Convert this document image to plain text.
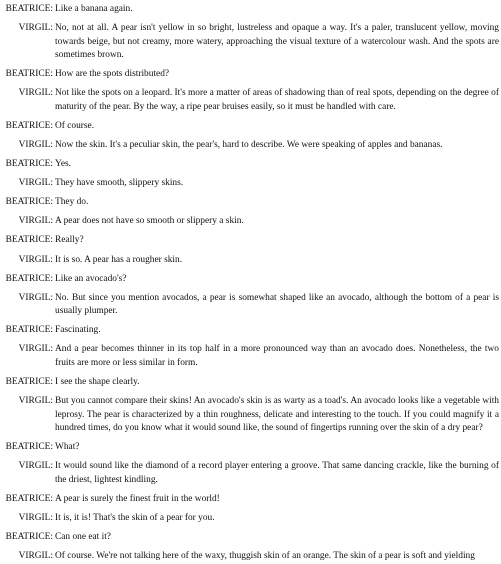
BEATRICE: Like a banana again.
VIRGIL: No, not at all. A pear isn't yellow in so bright, lustreless and opaque a way. It's a paler, translucent yellow, moving towards beige, but not creamy, more watery, approaching the visual texture of a watercolour wash. And the spots are sometimes brown.
BEATRICE: How are the spots distributed?
VIRGIL: Not like the spots on a leopard. It's more a matter of areas of shadowing than of real spots, depending on the degree of maturity of the pear. By the way, a ripe pear bruises easily, so it must be handled with care.
BEATRICE: Of course.
VIRGIL: Now the skin. It's a peculiar skin, the pear's, hard to describe. We were speaking of apples and bananas.
BEATRICE: Yes.
VIRGIL: They have smooth, slippery skins.
BEATRICE: They do.
VIRGIL: A pear does not have so smooth or slippery a skin.
BEATRICE: Really?
VIRGIL: It is so. A pear has a rougher skin.
BEATRICE: Like an avocado's?
VIRGIL: No. But since you mention avocados, a pear is somewhat shaped like an avocado, although the bottom of a pear is usually plumper.
BEATRICE: Fascinating.
VIRGIL: And a pear becomes thinner in its top half in a more pronounced way than an avocado does. Nonetheless, the two fruits are more or less similar in form.
BEATRICE: I see the shape clearly.
VIRGIL: But you cannot compare their skins! An avocado's skin is as warty as a toad's. An avocado looks like a vegetable with leprosy. The pear is characterized by a thin roughness, delicate and interesting to the touch. If you could magnify it a hundred times, do you know what it would sound like, the sound of fingertips running over the skin of a dry pear?
BEATRICE: What?
VIRGIL: It would sound like the diamond of a record player entering a groove. That same dancing crackle, like the burning of the driest, lightest kindling.
BEATRICE: A pear is surely the finest fruit in the world!
VIRGIL: It is, it is! That's the skin of a pear for you.
BEATRICE: Can one eat it?
VIRGIL: Of course. We're not talking here of the waxy, thuggish skin of an orange. The skin of a pear is soft and yielding
